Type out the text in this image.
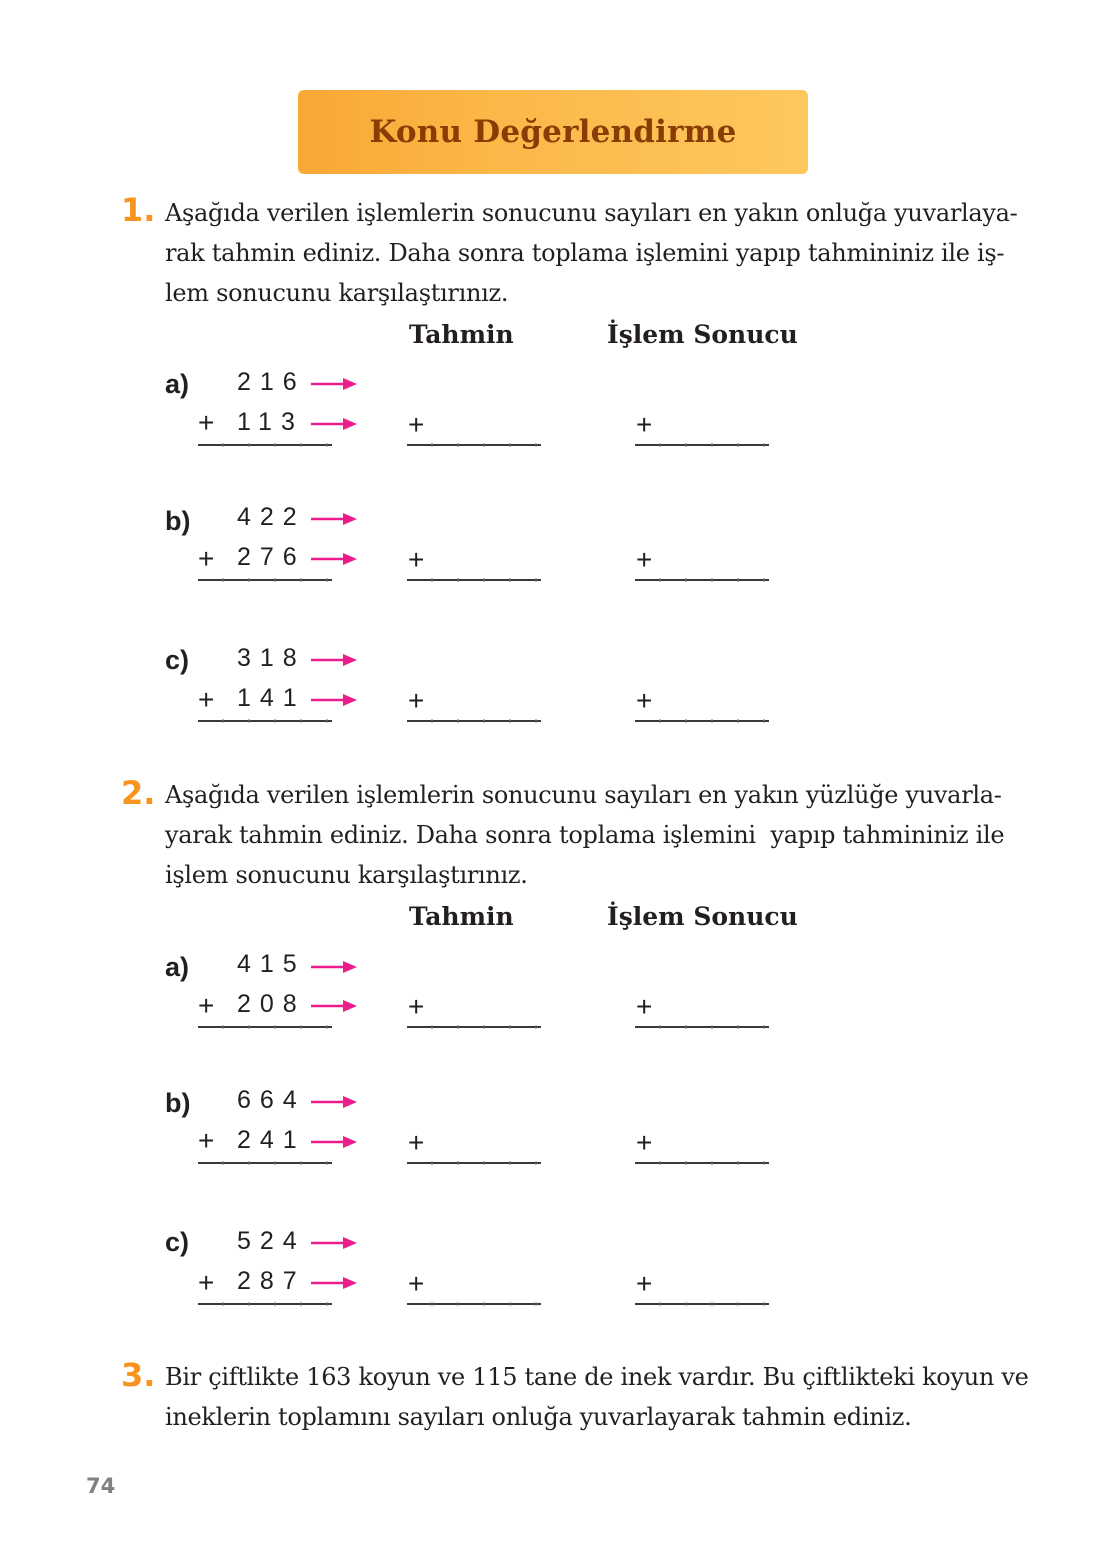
Konu Değerlendirme
1. Aşağıda verilen işlemlerin sonucunu sayıları en yakın onluğa yuvarlaya-
rak tahmin ediniz. Daha sonra toplama işlemini yapıp tahmininiz ile iş-
lem sonucunu karşılaştırınız.
Tahmin	İşlem Sonucu
2. Aşağıda verilen işlemlerin sonucunu sayıları en yakın yüzlüğe yuvarla-
yarak tahmin ediniz. Daha sonra toplama işlemini  yapıp tahmininiz ile
işlem sonucunu karşılaştırınız.
Tahmin	İşlem Sonucu
3. Bir çiftlikte 163 koyun ve 115 tane de inek vardır. Bu çiftlikteki koyun ve
ineklerin toplamını sayıları onluğa yuvarlayarak tahmin ediniz.
74
a) 216
+ 113	+	+
b) 422
+ 276	+	+
c) 318
+ 141	+	+
a) 415
+ 208	+	+
b) 664
+ 241	+	+
c) 524
+ 287	+	+
